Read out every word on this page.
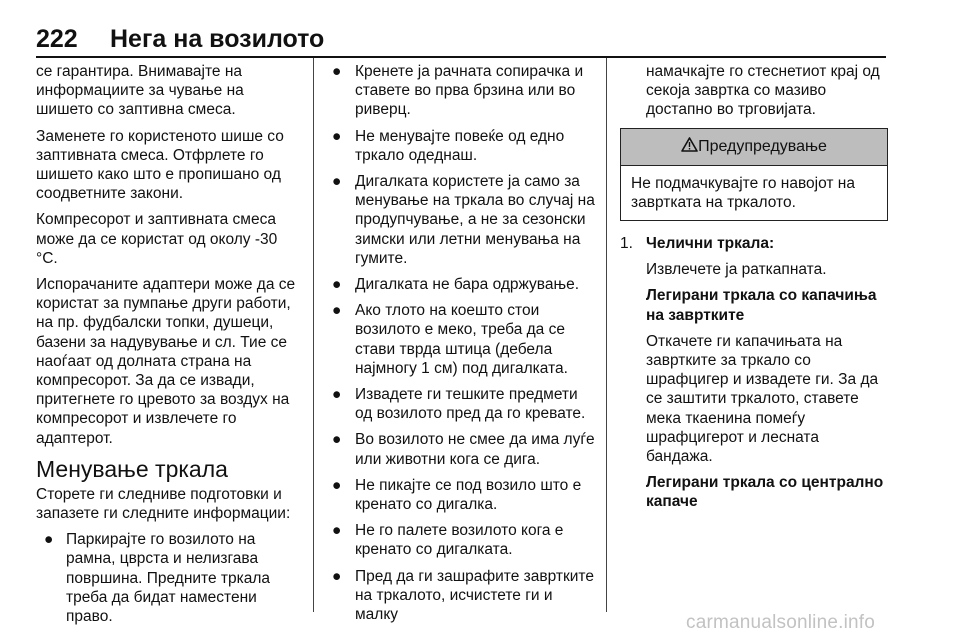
222 Нега на возилото

се гарантира. Внимавајте на информациите за чување на шишето со заптивна смеса.

Заменете го користеното шише со заптивната смеса. Отфрлете го шишето како што е пропишано од соодветните закони.

Компресорот и заптивната смеса може да се користат од околу -30 °C.

Испорачаните адаптери може да се користат за пумпање други работи, на пр. фудбалски топки, душеци, базени за надувување и сл. Тие се наоѓаат од долната страна на компресорот. За да се извади, притегнете го цревото за воздух на компресорот и извлечете го адаптерот.

Менување тркала

Сторете ги следниве подготовки и запазете ги следните информации:

● Паркирајте го возилото на рамна, цврста и нелизгава површина. Предните тркала треба да бидат наместени право.
● Кренете ја рачната сопирачка и ставете во прва брзина или во риверц.
● Не менувајте повеќе од едно тркало одеднаш.
● Дигалката користете ја само за менување на тркала во случај на продупчување, а не за сезонски зимски или летни менувања на гумите.
● Дигалката не бара одржување.
● Ако тлото на коешто стои возилото е меко, треба да се стави тврда штица (дебела најмногу 1 см) под дигалката.
● Извадете ги тешките предмети од возилото пред да го кревате.
● Во возилото не смее да има луѓе или животни кога се дига.
● Не пикајте се под возило што е кренато со дигалка.
● Не го палете возилото кога е кренато со дигалката.
● Пред да ги зашрафите завртките на тркалото, исчистете ги и малку

намачкајте го стеснетиот крај од секоја завртка со мазиво достапно во трговијата.

Предупредување
Не подмачкувајте го навојот на завртката на тркалото.

1. Челични тркала:

Извлечете ја раткапната.

Легирани тркала со капачиња на завртките

Откачете ги капачињата на завртките за тркало со шрафцигер и извадете ги. За да се заштити тркалото, ставете мека ткаенина помеѓу шрафцигерот и лесната бандажа.

Легирани тркала со централно капаче

carmanualsonline.info
